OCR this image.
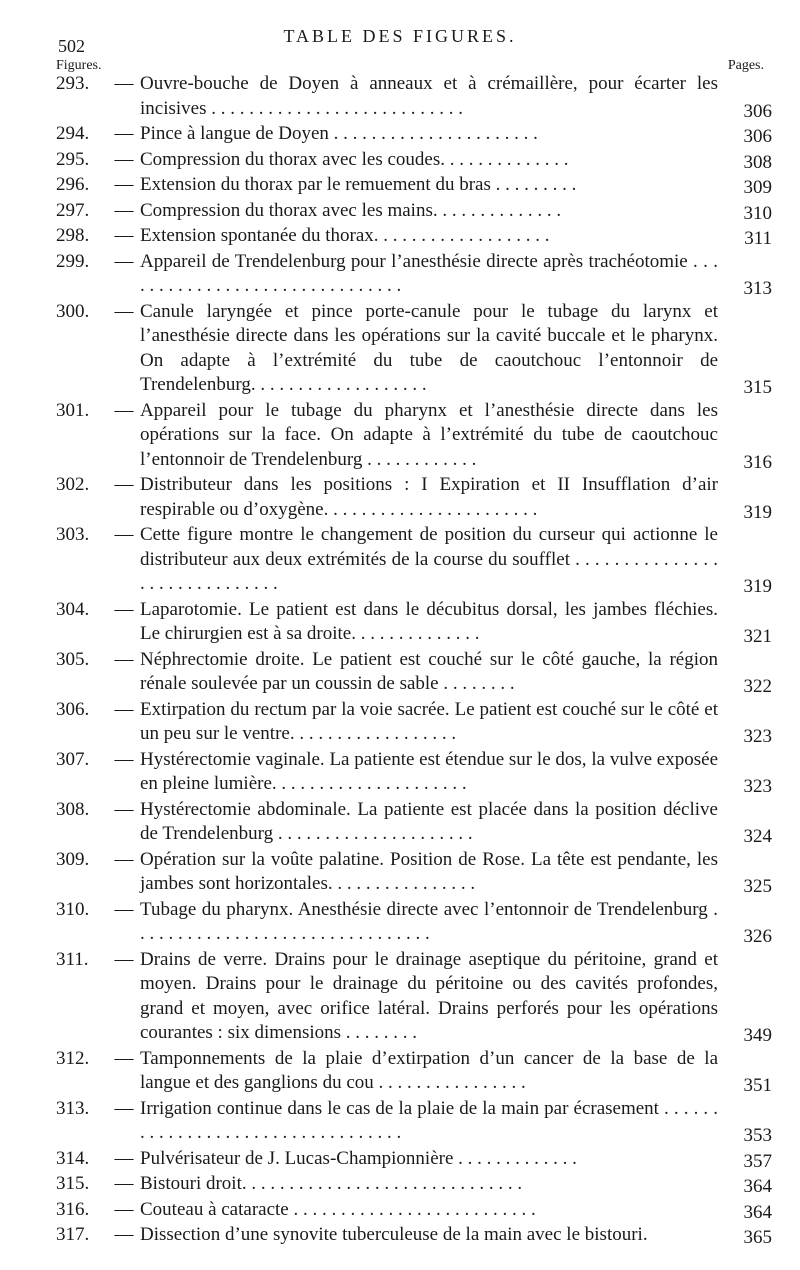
502	TABLE DES FIGURES.
Figures.	Pages.
293.	— Ouvre-bouche de Doyen à anneaux et à crémaillère, pour écarter les incisives . . . . . . . . . . . . . . . . . . . . . . . . . . .	306
294.	— Pince à langue de Doyen . . . . . . . . . . . . . . . . . . . . . .	306
295.	— Compression du thorax avec les coudes. . . . . . . . . . . . . .	308
296.	— Extension du thorax par le remuement du bras . . . . . . . . .	309
297.	— Compression du thorax avec les mains. . . . . . . . . . . . . .	310
298.	— Extension spontanée du thorax. . . . . . . . . . . . . . . . . . .	311
299.	— Appareil de Trendelenburg pour l’anesthésie directe après trachéotomie . . . . . . . . . . . . . . . . . . . . . . . . . . . . . . .	313
300.	— Canule laryngée et pince porte-canule pour le tubage du larynx et l’anesthésie directe dans les opérations sur la cavité buccale et le pharynx. On adapte à l’extrémité du tube de caoutchouc l’entonnoir de Trendelenburg. . . . . . . . . . . . . . . . . . .	315
301.	— Appareil pour le tubage du pharynx et l’anesthésie directe dans les opérations sur la face. On adapte à l’extrémité du tube de caoutchouc l’entonnoir de Trendelenburg . . . . . . . . . . . .	316
302.	— Distributeur dans les positions : I Expiration et II Insufflation d’air respirable ou d’oxygène. . . . . . . . . . . . . . . . . . . . . . .	319
303.	— Cette figure montre le changement de position du curseur qui actionne le distributeur aux deux extrémités de la course du soufflet . . . . . . . . . . . . . . . . . . . . . . . . . . . . . .	319
304.	— Laparotomie. Le patient est dans le décubitus dorsal, les jambes fléchies. Le chirurgien est à sa droite. . . . . . . . . . . . . .	321
305.	— Néphrectomie droite. Le patient est couché sur le côté gauche, la région rénale soulevée par un coussin de sable . . . . . . . .	322
306.	— Extirpation du rectum par la voie sacrée. Le patient est couché sur le côté et un peu sur le ventre. . . . . . . . . . . . . . . . . .	323
307.	— Hystérectomie vaginale. La patiente est étendue sur le dos, la vulve exposée en pleine lumière. . . . . . . . . . . . . . . . . . . . .	323
308.	— Hystérectomie abdominale. La patiente est placée dans la position déclive de Trendelenburg . . . . . . . . . . . . . . . . . . . . .	324
309.	— Opération sur la voûte palatine. Position de Rose. La tête est pendante, les jambes sont horizontales. . . . . . . . . . . . . . . .	325
310.	— Tubage du pharynx. Anesthésie directe avec l’entonnoir de Trendelenburg . . . . . . . . . . . . . . . . . . . . . . . . . . . . . . . .	326
311.	— Drains de verre. Drains pour le drainage aseptique du péritoine, grand et moyen. Drains pour le drainage du péritoine ou des cavités profondes, grand et moyen, avec orifice latéral. Drains perforés pour les opérations courantes : six dimensions . . . . . . . .	349
312.	— Tamponnements de la plaie d’extirpation d’un cancer de la base de la langue et des ganglions du cou . . . . . . . . . . . . . . . .	351
313.	— Irrigation continue dans le cas de la plaie de la main par écrasement . . . . . . . . . . . . . . . . . . . . . . . . . . . . . . . . . .	353
314.	— Pulvérisateur de J. Lucas-Championnière . . . . . . . . . . . . .	357
315.	— Bistouri droit. . . . . . . . . . . . . . . . . . . . . . . . . . . . . .	364
316.	— Couteau à cataracte . . . . . . . . . . . . . . . . . . . . . . . . . .	364
317.	— Dissection d’une synovite tuberculeuse de la main avec le bistouri.	365
